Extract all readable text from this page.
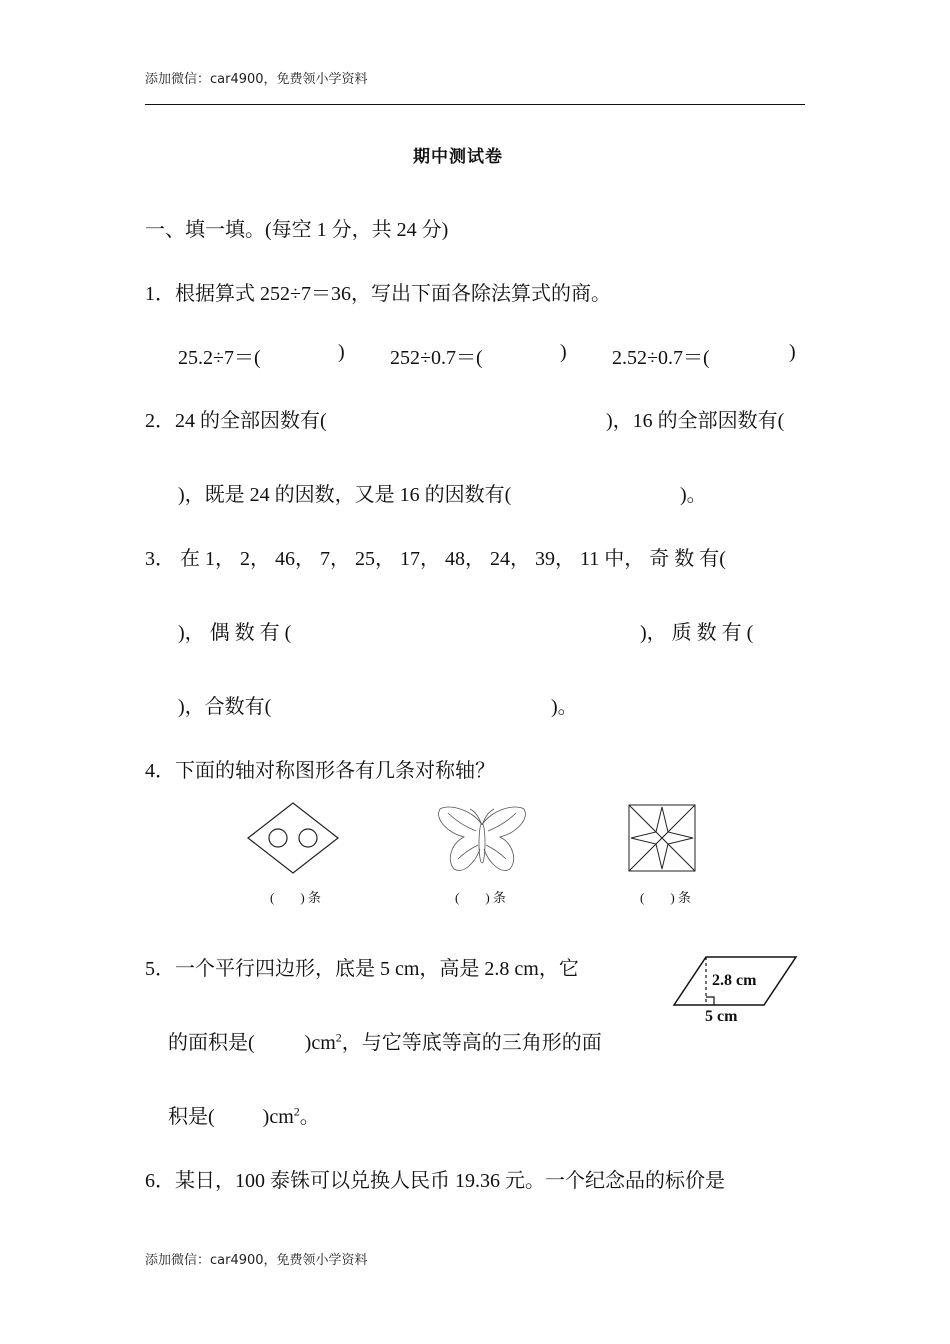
添加微信：car4900，免费领小学资料
期中测试卷
一、填一填。(每空 1 分，共 24 分)
1．根据算式 252÷7＝36，写出下面各除法算式的商。
25.2÷7＝(	) 252÷0.7＝(	) 2.52÷0.7＝(	)
2．24 的全部因数有(	)，16 的全部因数有(
)，既是 24 的因数，又是 16 的因数有(	)。
3． 在 1， 2， 46， 7， 25， 17， 48， 24， 39， 11 中， 奇 数 有(
)， 偶 数 有 (	)， 质 数 有 (
)，合数有(	)。
4．下面的轴对称图形各有几条对称轴？
(　　) 条	(　　) 条	(　　) 条
5．一个平行四边形，底是 5 cm，高是 2.8 cm，它
的面积是(	)$cm^2$，与它等底等高的三角形的面
积是( )$cm^2$。
2.8 cm
5 cm
6．某日，100 泰铢可以兑换人民币 19.36 元。一个纪念品的标价是
添加微信：car4900，免费领小学资料
